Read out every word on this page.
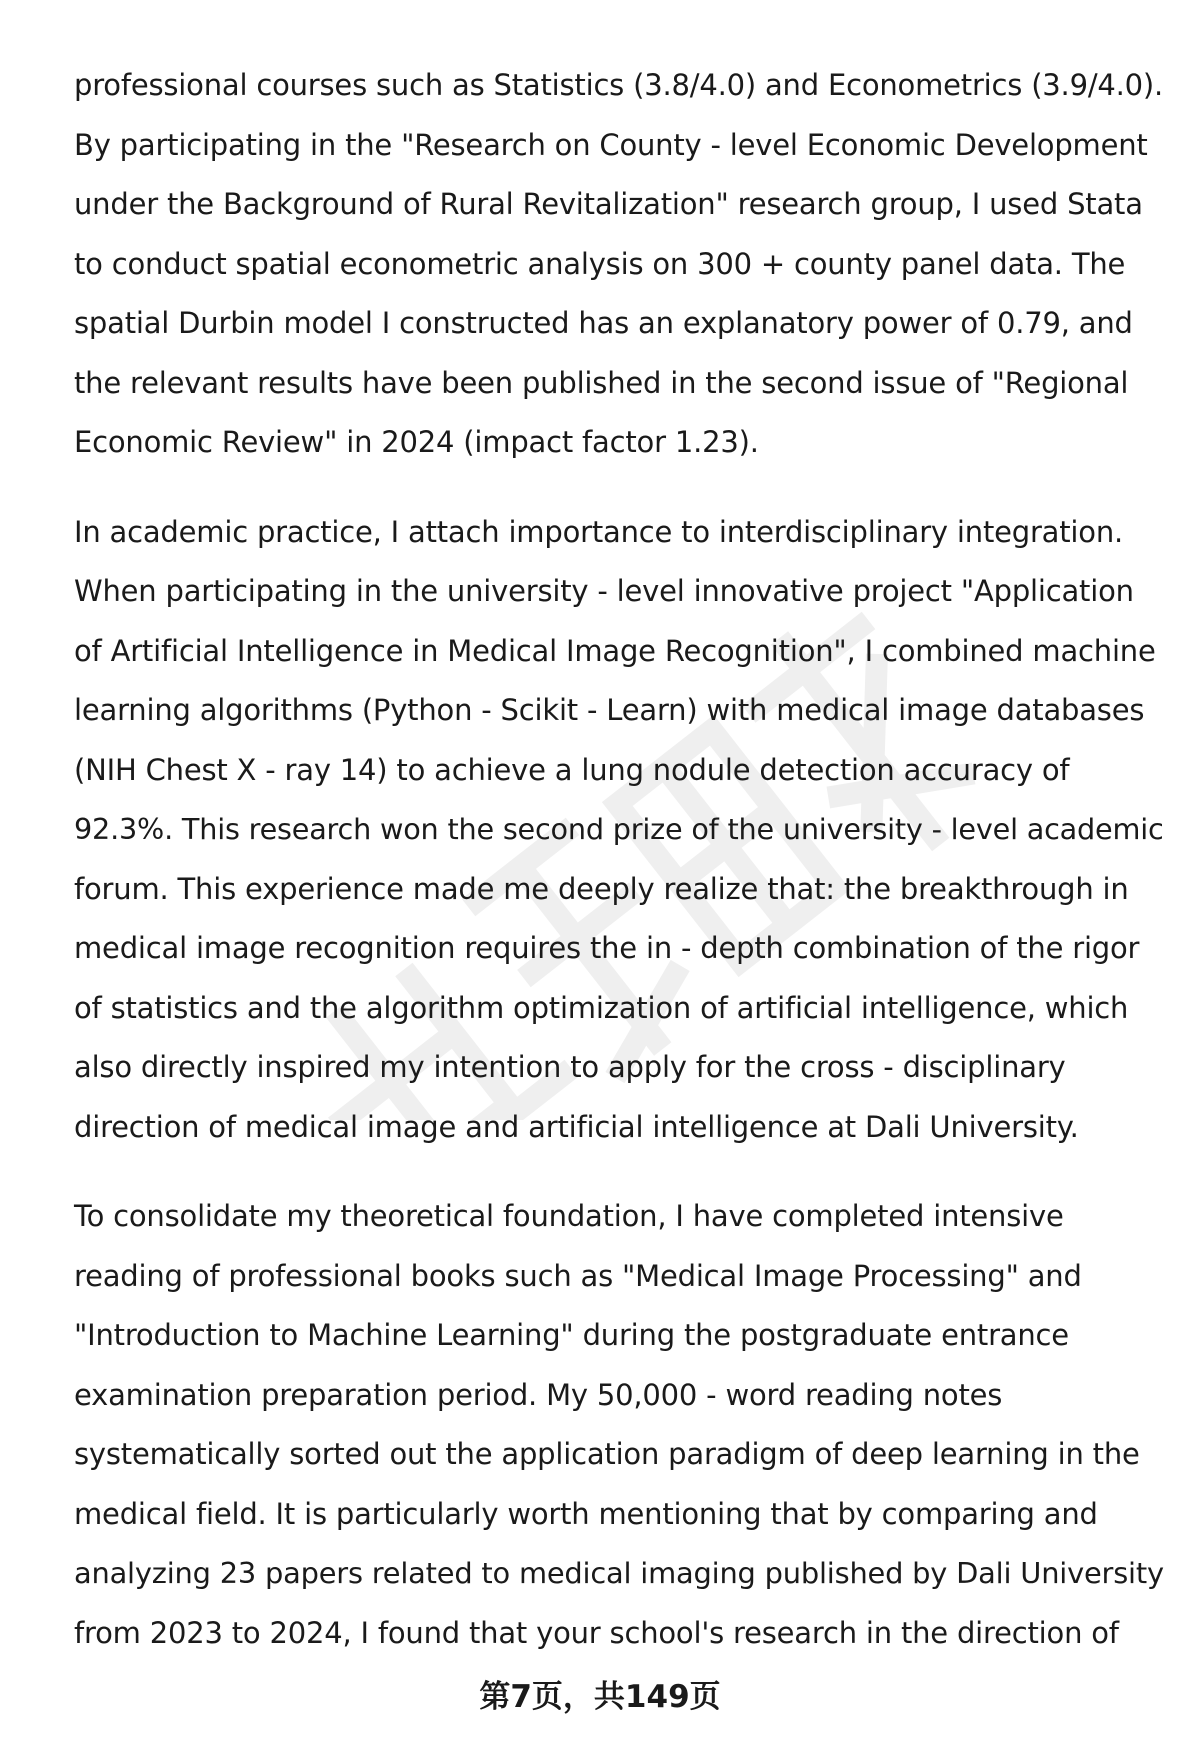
professional courses such as Statistics (3.8/4.0) and Econometrics (3.9/4.0).
By participating in the "Research on County - level Economic Development
under the Background of Rural Revitalization" research group, I used Stata
to conduct spatial econometric analysis on 300 + county panel data. The
spatial Durbin model I constructed has an explanatory power of 0.79, and
the relevant results have been published in the second issue of "Regional
Economic Review" in 2024 (impact factor 1.23).
In academic practice, I attach importance to interdisciplinary integration.
When participating in the university - level innovative project "Application
of Artificial Intelligence in Medical Image Recognition", I combined machine
learning algorithms (Python - Scikit - Learn) with medical image databases
(NIH Chest X - ray 14) to achieve a lung nodule detection accuracy of
92.3%. This research won the second prize of the university - level academic
forum. This experience made me deeply realize that: the breakthrough in
medical image recognition requires the in - depth combination of the rigor
of statistics and the algorithm optimization of artificial intelligence, which
also directly inspired my intention to apply for the cross - disciplinary
direction of medical image and artificial intelligence at Dali University.
To consolidate my theoretical foundation, I have completed intensive
reading of professional books such as "Medical Image Processing" and
"Introduction to Machine Learning" during the postgraduate entrance
examination preparation period. My 50,000 - word reading notes
systematically sorted out the application paradigm of deep learning in the
medical field. It is particularly worth mentioning that by comparing and
analyzing 23 papers related to medical imaging published by Dali University
from 2023 to 2024, I found that your school's research in the direction of
第7页，共149页
